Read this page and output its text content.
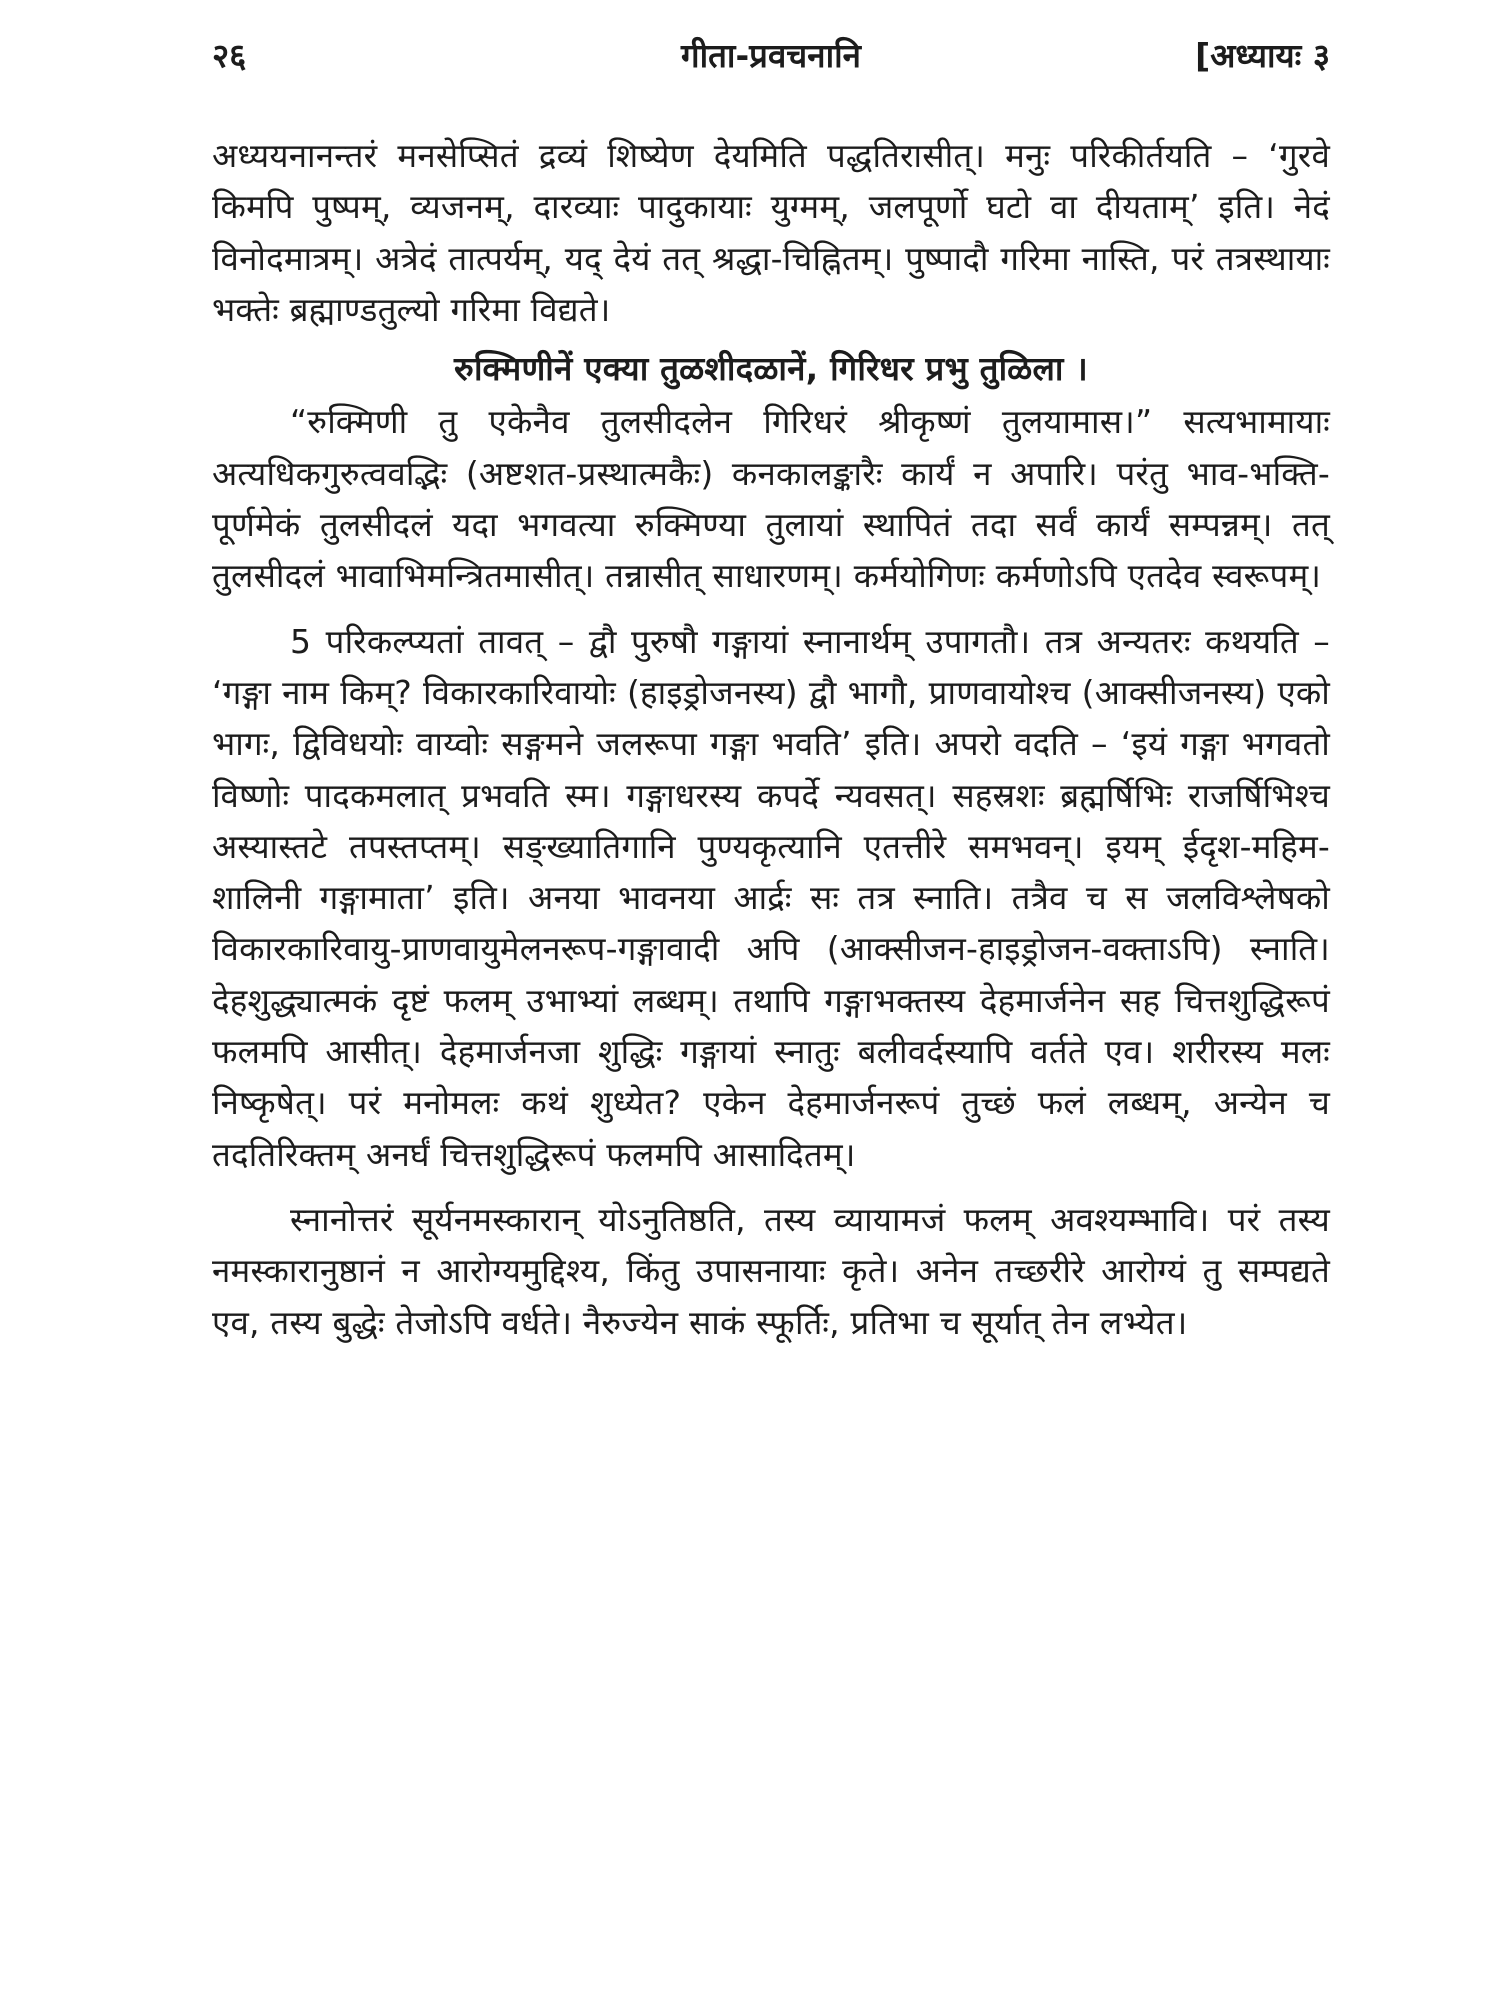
२६	गीता-प्रवचनानि	[अध्यायः ३

अध्ययनानन्तरं मनसेप्सितं द्रव्यं शिष्येण देयमिति पद्धतिरासीत्। मनुः परिकीर्तयति – ‘गुरवे किमपि पुष्पम्, व्यजनम्, दारव्याः पादुकायाः युग्मम्, जलपूर्णो घटो वा दीयताम्’ इति। नेदं विनोदमात्रम्। अत्रेदं तात्पर्यम्, यद् देयं तत् श्रद्धा-चिह्नितम्। पुष्पादौ गरिमा नास्ति, परं तत्रस्थायाः भक्तेः ब्रह्माण्डतुल्यो गरिमा विद्यते।

रुक्मिणीनें एक्या तुळशीदळानें, गिरिधर प्रभु तुळिला ।

“रुक्मिणी तु एकेनैव तुलसीदलेन गिरिधरं श्रीकृष्णं तुलयामास।” सत्यभामायाः अत्यधिकगुरुत्ववद्भिः (अष्टशत-प्रस्थात्मकैः) कनकालङ्कारैः कार्यं न अपारि। परंतु भाव-भक्ति-पूर्णमेकं तुलसीदलं यदा भगवत्या रुक्मिण्या तुलायां स्थापितं तदा सर्वं कार्यं सम्पन्नम्। तत् तुलसीदलं भावाभिमन्त्रितमासीत्। तन्नासीत् साधारणम्। कर्मयोगिणः कर्मणोऽपि एतदेव स्वरूपम्।

5 परिकल्प्यतां तावत् – द्वौ पुरुषौ गङ्गायां स्नानार्थम् उपागतौ। तत्र अन्यतरः कथयति – ‘गङ्गा नाम किम्? विकारकारिवायोः (हाइड्रोजनस्य) द्वौ भागौ, प्राणवायोश्च (आक्सीजनस्य) एको भागः, द्विविधयोः वाय्वोः सङ्गमने जलरूपा गङ्गा भवति’ इति। अपरो वदति – ‘इयं गङ्गा भगवतो विष्णोः पादकमलात् प्रभवति स्म। गङ्गाधरस्य कपर्दे न्यवसत्। सहस्रशः ब्रह्मर्षिभिः राजर्षिभिश्च अस्यास्तटे तपस्तप्तम्। सङ्ख्यातिगानि पुण्यकृत्यानि एतत्तीरे समभवन्। इयम् ईदृश-महिम-शालिनी गङ्गामाता’ इति। अनया भावनया आर्द्रः सः तत्र स्नाति। तत्रैव च स जलविश्लेषको विकारकारिवायु-प्राणवायुमेलनरूप-गङ्गावादी अपि (आक्सीजन-हाइड्रोजन-वक्ताऽपि) स्नाति। देहशुद्ध्यात्मकं दृष्टं फलम् उभाभ्यां लब्धम्। तथापि गङ्गाभक्तस्य देहमार्जनेन सह चित्तशुद्धिरूपं फलमपि आसीत्। देहमार्जनजा शुद्धिः गङ्गायां स्नातुः बलीवर्दस्यापि वर्तते एव। शरीरस्य मलः निष्कृषेत्। परं मनोमलः कथं शुध्येत? एकेन देहमार्जनरूपं तुच्छं फलं लब्धम्, अन्येन च तदतिरिक्तम् अनर्घं चित्तशुद्धिरूपं फलमपि आसादितम्।

स्नानोत्तरं सूर्यनमस्कारान् योऽनुतिष्ठति, तस्य व्यायामजं फलम् अवश्यम्भावि। परं तस्य नमस्कारानुष्ठानं न आरोग्यमुद्दिश्य, किंतु उपासनायाः कृते। अनेन तच्छरीरे आरोग्यं तु सम्पद्यते एव, तस्य बुद्धेः तेजोऽपि वर्धते। नैरुज्येन साकं स्फूर्तिः, प्रतिभा च सूर्यात् तेन लभ्येत।
